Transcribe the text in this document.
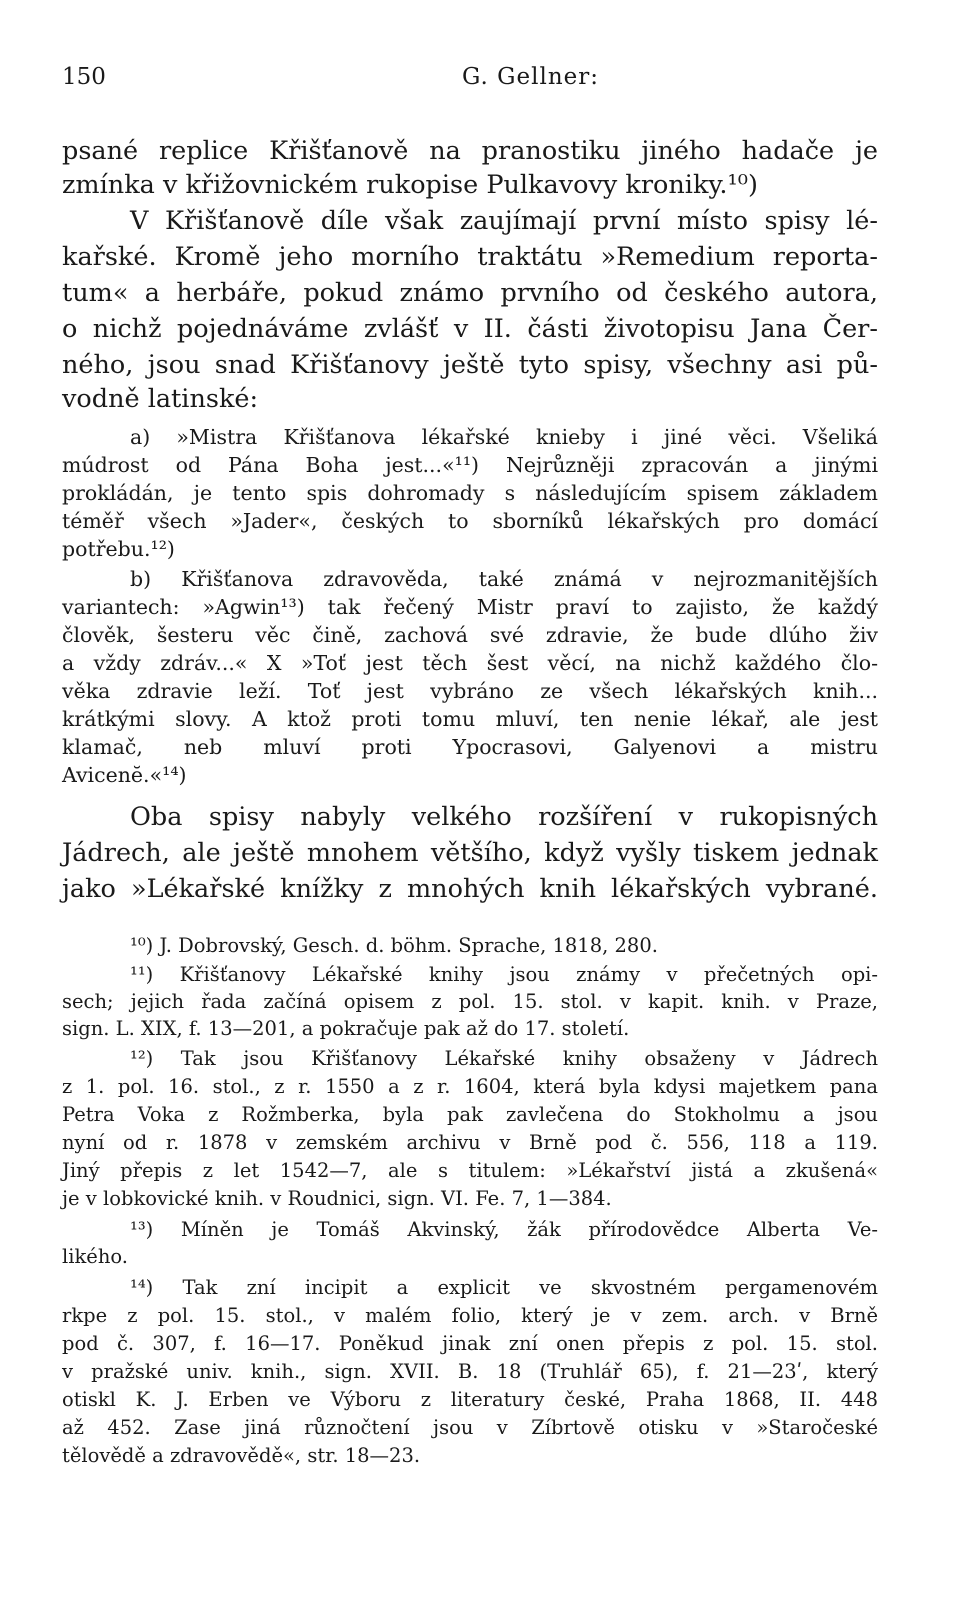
150	G. Gellner:
psané replice Křišťanově na pranostiku jiného hadače je
zmínka v křižovnickém rukopise Pulkavovy kroniky.¹⁰)
V Křišťanově díle však zaujímají první místo spisy lé-
kařské. Kromě jeho morního traktátu »Remedium reporta-
tum« a herbáře, pokud známo prvního od českého autora,
o nichž pojednáváme zvlášť v II. části životopisu Jana Čer-
ného, jsou snad Křišťanovy ještě tyto spisy, všechny asi pů-
vodně latinské:
a) »Mistra Křišťanova lékařské knieby i jiné věci. Všeliká
múdrost od Pána Boha jest...«¹¹) Nejrůzněji zpracován a jinými
prokládán, je tento spis dohromady s následujícím spisem základem
téměř všech »Jader«, českých to sborníků lékařských pro domácí
potřebu.¹²)
b) Křišťanova zdravověda, také známá v nejrozmanitějších
variantech: »Agwin¹³) tak řečený Mistr praví to zajisto, že každý
člověk, šesteru věc čině, zachová své zdravie, že bude dlúho živ
a vždy zdráv...« X »Toť jest těch šest věcí, na nichž každého člo-
věka zdravie leží. Toť jest vybráno ze všech lékařských knih...
krátkými slovy. A ktož proti tomu mluví, ten nenie lékař, ale jest
klamač, neb mluví proti Ypocrasovi, Galyenovi a mistru
Avicenĕ.«¹⁴)
Oba spisy nabyly velkého rozšíření v rukopisných
Jádrech, ale ještě mnohem většího, když vyšly tiskem jednak
jako »Lékařské knížky z mnohých knih lékařských vybrané.
¹⁰) J. Dobrovský, Gesch. d. böhm. Sprache, 1818, 280.
¹¹) Křišťanovy Lékařské knihy jsou známy v přečetných opi-
sech; jejich řada začíná opisem z pol. 15. stol. v kapit. knih. v Praze,
sign. L. XIX, f. 13—201, a pokračuje pak až do 17. století.
¹²) Tak jsou Křišťanovy Lékařské knihy obsaženy v Jádrech
z 1. pol. 16. stol., z r. 1550 a z r. 1604, která byla kdysi majetkem pana
Petra Voka z Rožmberka, byla pak zavlečena do Stokholmu a jsou
nyní od r. 1878 v zemském archivu v Brně pod č. 556, 118 a 119.
Jiný přepis z let 1542—7, ale s titulem: »Lékařství jistá a zkušená«
je v lobkovické knih. v Roudnici, sign. VI. Fe. 7, 1—384.
¹³) Míněn je Tomáš Akvinský, žák přírodovědce Alberta Ve-
likého.
¹⁴) Tak zní incipit a explicit ve skvostném pergamenovém
rkpe z pol. 15. stol., v malém folio, který je v zem. arch. v Brně
pod č. 307, f. 16—17. Poněkud jinak zní onen přepis z pol. 15. stol.
v pražské univ. knih., sign. XVII. B. 18 (Truhlář 65), f. 21—23ʹ, který
otiskl K. J. Erben ve Výboru z literatury české, Praha 1868, II. 448
až 452. Zase jiná různočtení jsou v Zíbrtově otisku v »Staročeské
tělovědě a zdravovědě«, str. 18—23.
